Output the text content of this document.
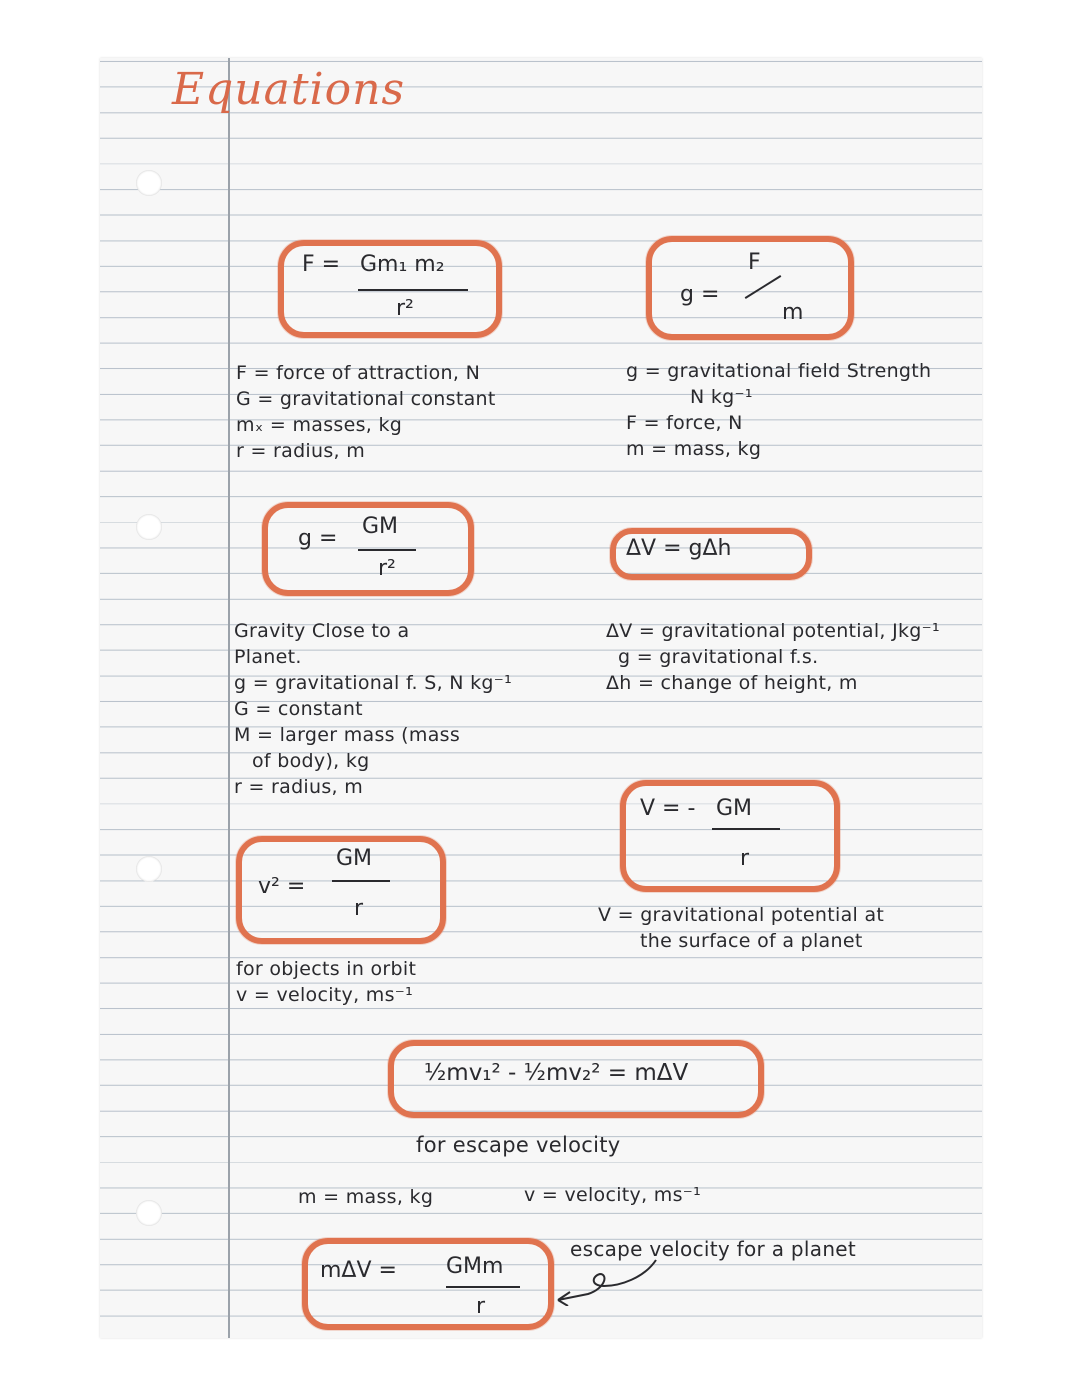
Equations
F = Gm₁ m₂
r²
F = force of attraction, N
G = gravitational constant
mₓ = masses, kg
r = radius, m
g =
F
m
g = gravitational field Strength
N kg⁻¹
F = force, N
m = mass, kg
g = GM
r²
Gravity Close to a
Planet.
g = gravitational f. S, N kg⁻¹
G = constant
M = larger mass (mass
of body), kg
r = radius, m
ΔV = gΔh
ΔV = gravitational potential, Jkg⁻¹
g = gravitational f.s.
Δh = change of height, m
v² =
GM
r
for objects in orbit
v = velocity, ms⁻¹
V = - GM
r
V = gravitational potential at
the surface of a planet
½mv₁² - ½mv₂² = mΔV
for escape velocity
m = mass, kg	v = velocity, ms⁻¹
mΔV = GMm
r
escape velocity for a planet
